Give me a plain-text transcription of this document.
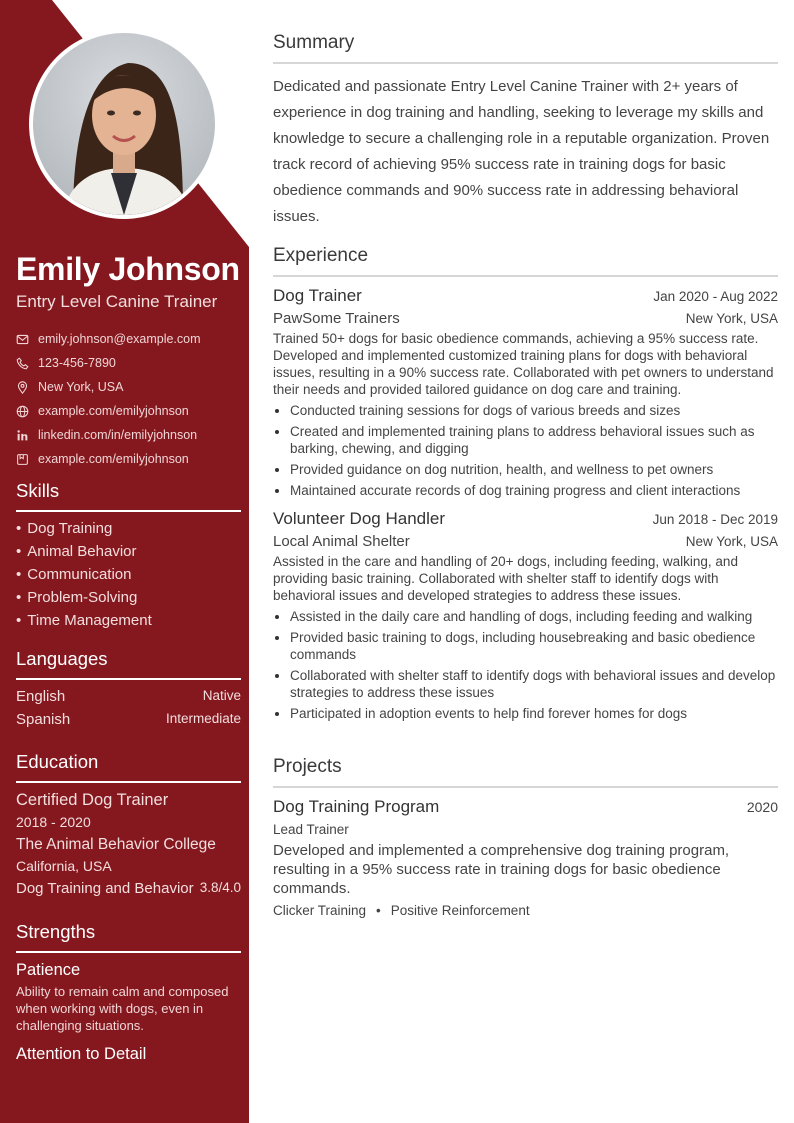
Emily Johnson
Entry Level Canine Trainer
emily.johnson@example.com
123-456-7890
New York, USA
example.com/emilyjohnson
linkedin.com/in/emilyjohnson
example.com/emilyjohnson
Skills
• Dog Training
• Animal Behavior
• Communication
• Problem-Solving
• Time Management
Languages
English	Native
Spanish	Intermediate
Education
Certified Dog Trainer
2018 - 2020
The Animal Behavior College
California, USA
Dog Training and Behavior 3.8/4.0
Strengths
Patience
Ability to remain calm and composed when working with dogs, even in challenging situations.
Attention to Detail
Summary

Dedicated and passionate Entry Level Canine Trainer with 2+ years of experience in dog training and handling, seeking to leverage my skills and knowledge to secure a challenging role in a reputable organization. Proven track record of achieving 95% success rate in training dogs for basic obedience commands and 90% success rate in addressing behavioral issues.

Experience
Dog Trainer	Jan 2020 - Aug 2022
PawSome Trainers	New York, USA
Trained 50+ dogs for basic obedience commands, achieving a 95% success rate. Developed and implemented customized training plans for dogs with behavioral issues, resulting in a 90% success rate. Collaborated with pet owners to understand their needs and provided tailored guidance on dog care and training.
• Conducted training sessions for dogs of various breeds and sizes
• Created and implemented training plans to address behavioral issues such as barking, chewing, and digging
• Provided guidance on dog nutrition, health, and wellness to pet owners
• Maintained accurate records of dog training progress and client interactions
Volunteer Dog Handler	Jun 2018 - Dec 2019
Local Animal Shelter	New York, USA
Assisted in the care and handling of 20+ dogs, including feeding, walking, and providing basic training. Collaborated with shelter staff to identify dogs with behavioral issues and developed strategies to address these issues.
• Assisted in the daily care and handling of dogs, including feeding and walking
• Provided basic training to dogs, including housebreaking and basic obedience commands
• Collaborated with shelter staff to identify dogs with behavioral issues and develop strategies to address these issues
• Participated in adoption events to help find forever homes for dogs
Projects
Dog Training Program	2020
Lead Trainer
Developed and implemented a comprehensive dog training program, resulting in a 95% success rate in training dogs for basic obedience commands.
Clicker Training • Positive Reinforcement
